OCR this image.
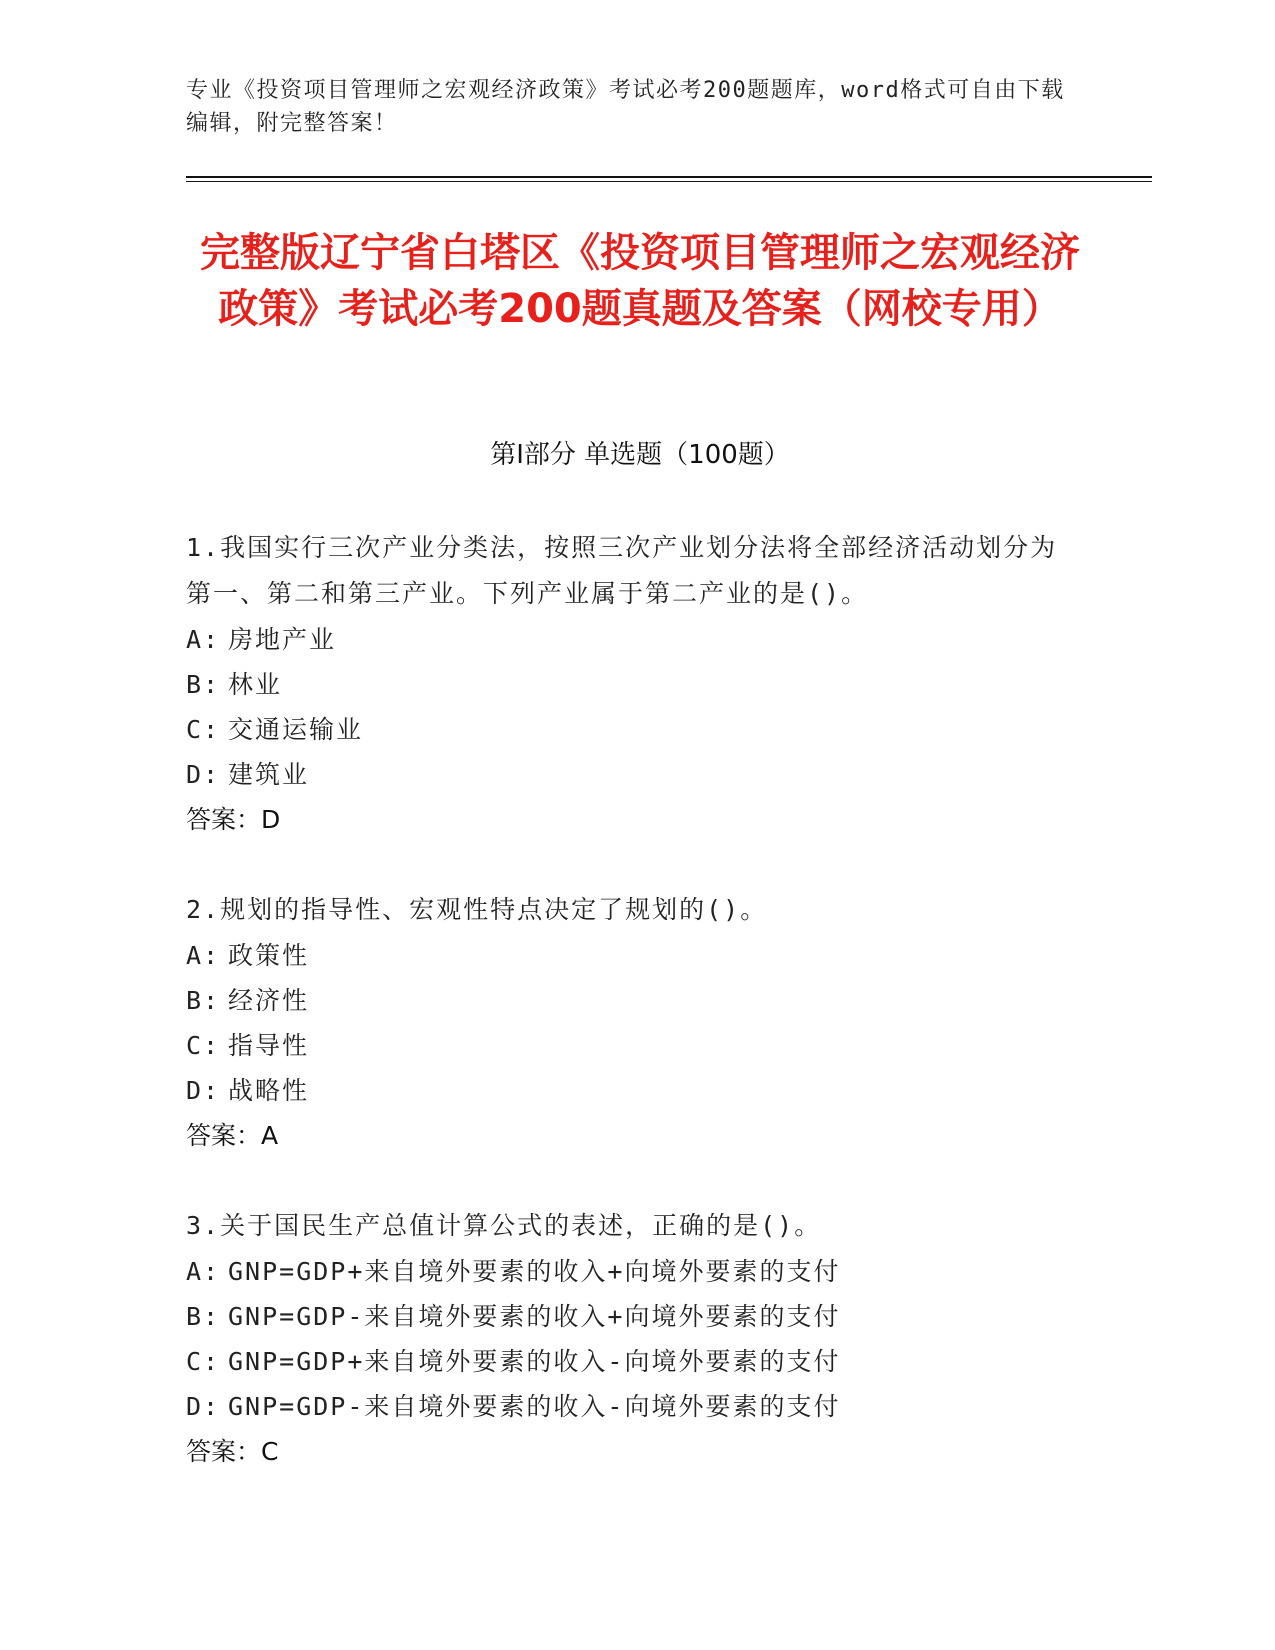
专业《投资项目管理师之宏观经济政策》考试必考200题题库，word格式可自由下载编辑，附完整答案！
完整版辽宁省白塔区《投资项目管理师之宏观经济政策》考试必考200题真题及答案（网校专用）
第Ⅰ部分 单选题（100题）
1.我国实行三次产业分类法，按照三次产业划分法将全部经济活动划分为第一、第二和第三产业。下列产业属于第二产业的是()。
A: 房地产业
B: 林业
C: 交通运输业
D: 建筑业
答案：D
2.规划的指导性、宏观性特点决定了规划的()。
A: 政策性
B: 经济性
C: 指导性
D: 战略性
答案：A
3.关于国民生产总值计算公式的表述，正确的是()。
A: GNP=GDP+来自境外要素的收入+向境外要素的支付
B: GNP=GDP-来自境外要素的收入+向境外要素的支付
C: GNP=GDP+来自境外要素的收入-向境外要素的支付
D: GNP=GDP-来自境外要素的收入-向境外要素的支付
答案：C
